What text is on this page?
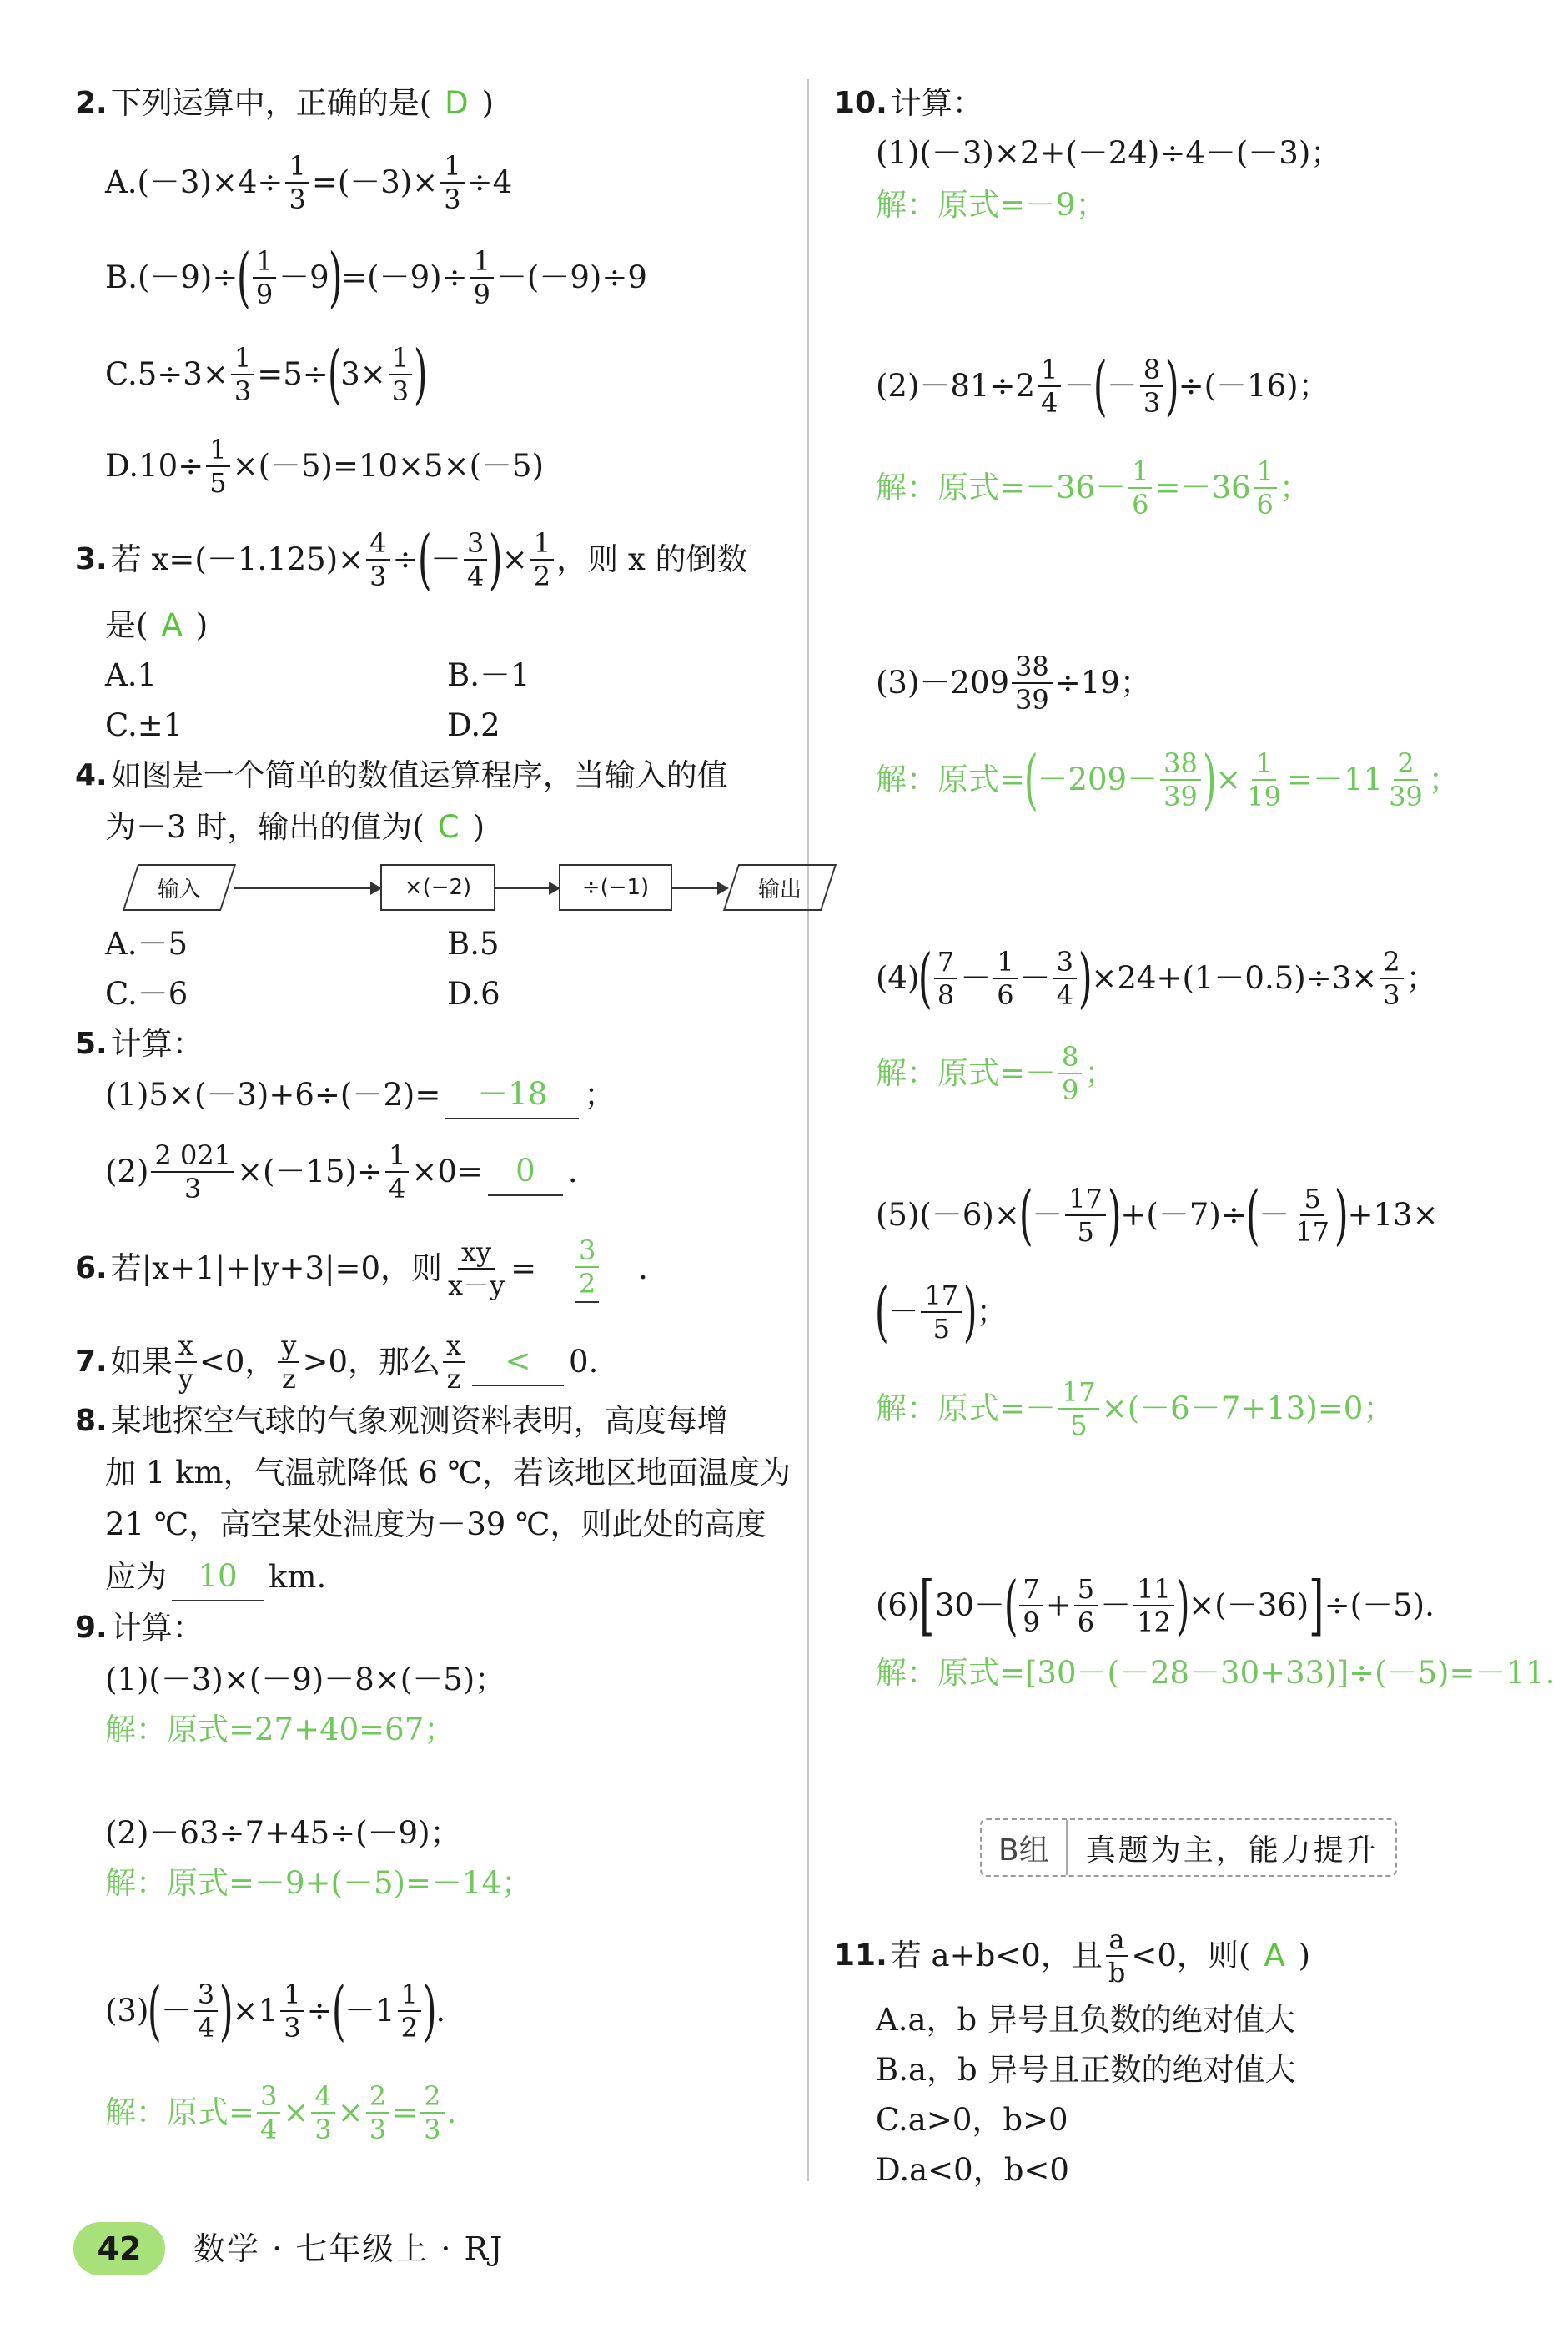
2. 下列运算中，正确的是( D )
A. $(-3)\times 4\div \frac{1}{3} =(-3)\times \frac{1}{3} \div 4$
B. (－9)÷
( $\frac{1}{9} -9$
)
$=(-9)\div \frac{1}{9} -(-9)\div 9$
C. $5\div 3\times \frac{1}{3} =5\div$
(
$3\times \frac{1}{3}$ )
D. $10\div \frac{1}{5} \times(-5)=10\times 5\times(-5)$
3. 若 $x=(-1.125)\times \frac{4}{3}$ ÷
(
－ $\frac{3}{4}$ )
× $\frac{1}{2}$ ，则 x 的倒数
是( A )
A.1	B.－1
C.±1	D.2
4. 如图是一个简单的数值运算程序，当输入的值
为－3 时，输出的值为( C )
输入	×(−2)	÷(−1)	输出
A.－5	B.5
C.－6	D.6
5. 计算：
(1)5×(－3)+6÷(－2)=	－18	；
$(2) \frac{2 021}{3} \times(-15)\div \frac{1}{4} \times 0=$	0	.
6. 若|x+1|+|y+3|=0，则 $\frac{xy}{x-y} = \frac{3}{2}$ .
7. 如果 $\frac{x}{y} <0$， $\frac{y}{z} >0$，那么 $\frac{x}{z}$	<	0.
8. 某地探空气球的气象观测资料表明，高度每增
加 1 km，气温就降低 6 ℃，若该地区地面温度为
21 ℃，高空某处温度为－39 ℃，则此处的高度
应为	10	km.
9. 计算：
(1)(－3)×(－9)－8×(－5)；
解：原式=27+40=67；
(2)－63÷7+45÷(－9)；
解：原式=－9+(－5)=－14；
(3)
(
－ $\frac{3}{4}$ )
$\times 1 \frac{1}{3}$ ÷
(
$-1 \frac{1}{2}$ )
.
解：原式= $\frac{3}{4} \times \frac{4}{3} \times \frac{2}{3} = \frac{2}{3}$ .
10. 计算：
(1)(－3)×2+(－24)÷4－(－3)；
解：原式=－9；
$(2)-81\div 2 \frac{1}{4}$ －
(
－ $\frac{8}{3}$ )
÷(－16)；
解：原式$=-36- \frac{1}{6} =-36 \frac{1}{6}$ ；
$(3)-209 \frac{38}{39} \div 19$；
解：原式=
(
$-209- \frac{38}{39}$ )
× $\frac{1}{19} =-11 \frac{2}{39}$ ；
(4)
( $\frac{7}{8} - \frac{1}{6} - \frac{3}{4}$ )
$\times 24+(1-0.5)\div 3\times \frac{2}{3}$ ；
解：原式=－ $\frac{8}{9}$ ；
(5)(－6)×
(
－ $\frac{17}{5}$ )
+(－7)÷
(
－ $\frac{5}{17}$ )
+13×
(
－ $\frac{17}{5}$ )
；
解：原式=－ $\frac{17}{5} \times(-6-7+13)=0$；
(6) [ 30－
( $\frac{7}{9} + \frac{5}{6} - \frac{11}{12}$ )
×(－36) ] ÷(－5).
解：原式=[30－(－28－30+33)]÷(－5)=－11.
B组	真题为主，能力提升
11. 若 a+b<0，且 $\frac{a}{b} <0$，则( A )
A.a，b 异号且负数的绝对值大
B.a，b 异号且正数的绝对值大
C.a>0，b>0
D.a<0，b<0
42	数学 · 七年级上 · RJ
